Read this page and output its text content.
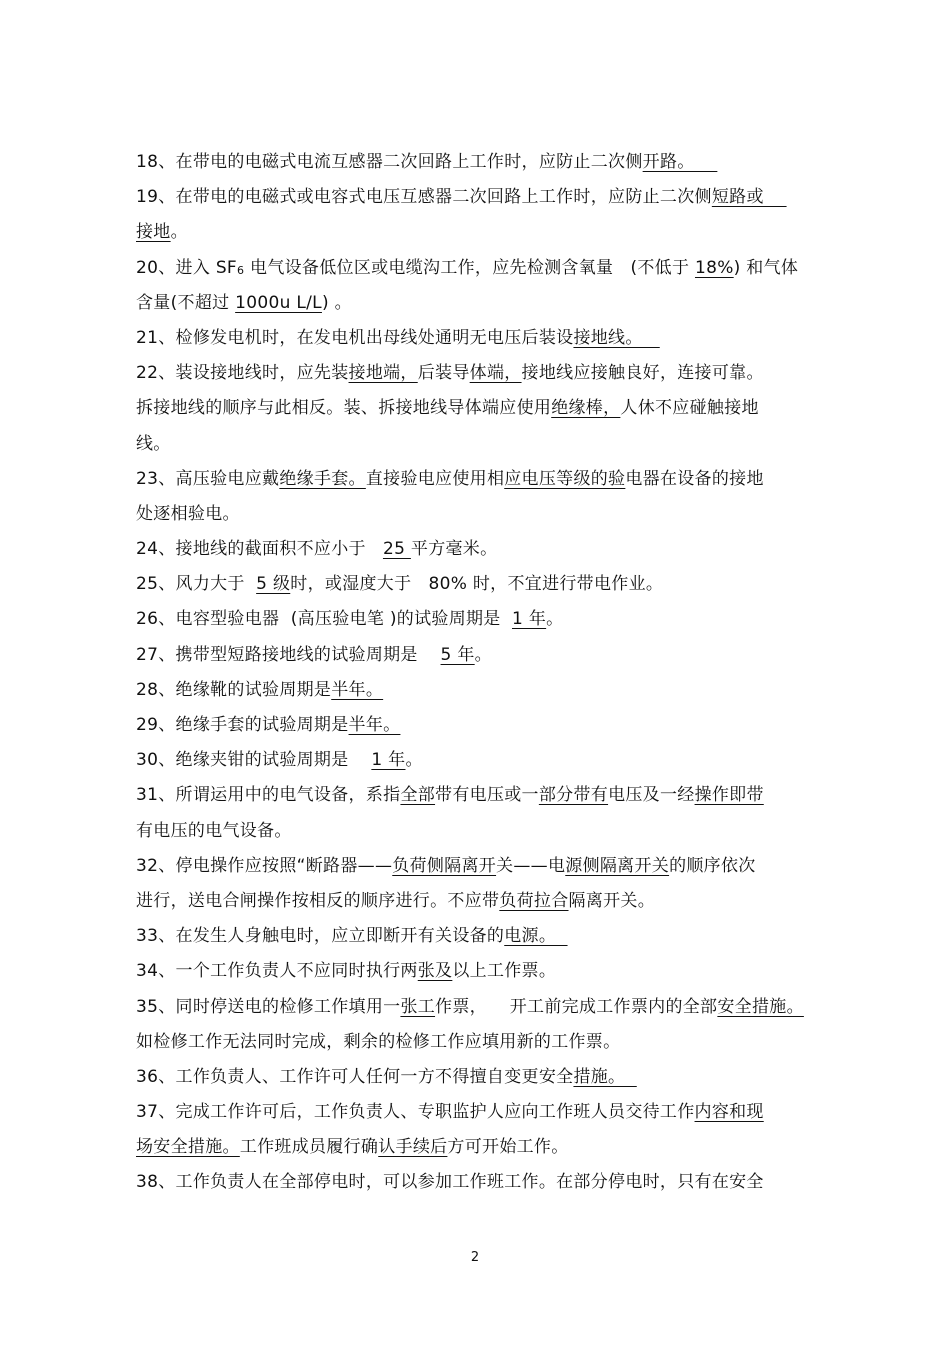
18、在带电的电磁式电流互感器二次回路上工作时，应防止二次侧开路。
19、在带电的电磁式或电容式电压互感器二次回路上工作时，应防止二次侧短路或
接地。
20、进入 SF6 电气设备低位区或电缆沟工作，应先检测含氧量   (不低于 18%) 和气体
含量(不超过 1000u L/L) 。
21、检修发电机时，在发电机出母线处通明无电压后装设接地线。
22、装设接地线时，应先装接地端，后装导体端，接地线应接触良好，连接可靠。
拆接地线的顺序与此相反。装、拆接地线导体端应使用绝缘棒，人休不应碰触接地
线。
23、高压验电应戴绝缘手套。直接验电应使用相应电压等级的验电器在设备的接地
处逐相验电。
24、接地线的截面积不应小于   25 平方毫米。
25、风力大于  5 级时，或湿度大于   80% 时，不宜进行带电作业。
26、电容型验电器  (高压验电笔 )的试验周期是  1 年。
27、携带型短路接地线的试验周期是    5 年。
28、绝缘靴的试验周期是半年。
29、绝缘手套的试验周期是半年。
30、绝缘夹钳的试验周期是    1 年。
31、所谓运用中的电气设备，系指全部带有电压或一部分带有电压及一经操作即带
有电压的电气设备。
32、停电操作应按照“断路器——负荷侧隔离开关——电源侧隔离开关的顺序依次
进行，送电合闸操作按相反的顺序进行。不应带负荷拉合隔离开关。
33、在发生人身触电时，应立即断开有关设备的电源。
34、一个工作负责人不应同时执行两张及以上工作票。
35、同时停送电的检修工作填用一张工作票，    开工前完成工作票内的全部安全措施。
如检修工作无法同时完成，剩余的检修工作应填用新的工作票。
36、工作负责人、工作许可人任何一方不得擅自变更安全措施。
37、完成工作许可后，工作负责人、专职监护人应向工作班人员交待工作内容和现
场安全措施。工作班成员履行确认手续后方可开始工作。
38、工作负责人在全部停电时，可以参加工作班工作。在部分停电时，只有在安全
2
